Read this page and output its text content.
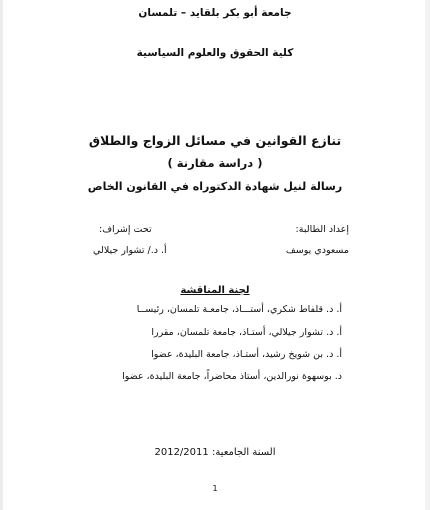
جامعة أبو بكر بلقايد – تلمسان
كلية الحقوق والعلوم السياسية
تنازع القوانين في مسائل الزواج والطلاق
( دراسة مقارنة )
رسالة لنيل شهادة الدكتوراه في القانون الخاص
إعداد الطالبة:
تحت إشراف:
مسعودي يوسف
أ. د./ تشوار جيلالي
لجنة المناقشة
أ. د. قلفاط شكري، أستـــاذ، جامعـة تلمسان، رئيســا
أ. د. تشوار جيلالي، أستـاذ، جامعة تلمسان، مقررا
أ. د. بن شويخ رشيد، أستـاذ، جامعة البليدة، عضوا
د. بوسهوة نورالدين، أستاذ محاضراً، جامعة البليدة، عضوا
السنة الجامعية: 2012/2011
1
